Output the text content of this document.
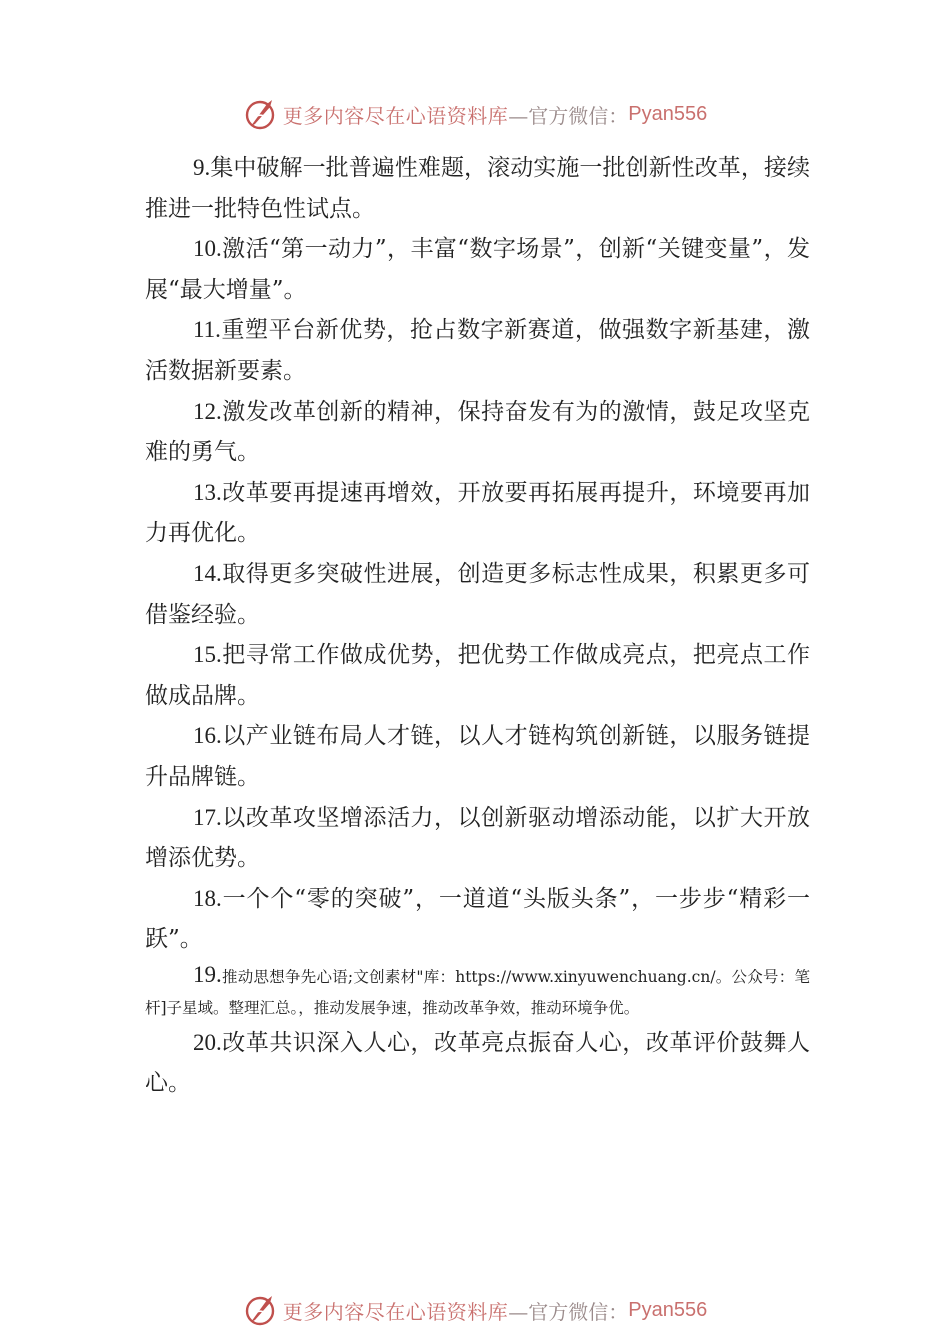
更多内容尽在心语资料库 —官方微信： Pyan556

9.集中破解一批普遍性难题，滚动实施一批创新性改革，接续推进一批特色性试点。

10.激活“第一动力”，丰富“数字场景”，创新“关键变量”，发展“最大增量”。

11.重塑平台新优势，抢占数字新赛道，做强数字新基建，激活数据新要素。

12.激发改革创新的精神，保持奋发有为的激情，鼓足攻坚克难的勇气。

13.改革要再提速再增效，开放要再拓展再提升，环境要再加力再优化。

14.取得更多突破性进展，创造更多标志性成果，积累更多可借鉴经验。

15.把寻常工作做成优势，把优势工作做成亮点，把亮点工作做成品牌。

16.以产业链布局人才链，以人才链构筑创新链，以服务链提升品牌链。

17.以改革攻坚增添活力，以创新驱动增添动能，以扩大开放增添优势。

18.一个个“零的突破”，一道道“头版头条”，一步步“精彩一跃”。

19.推动思想争先心语;文创素材"库：https://www.xinyuwenchuang.cn/。公众号：笔杆]子星域。整理汇总。，推动发展争速，推动改革争效，推动环境争优。

20.改革共识深入人心，改革亮点振奋人心，改革评价鼓舞人心。

更多内容尽在心语资料库 —官方微信： Pyan556
